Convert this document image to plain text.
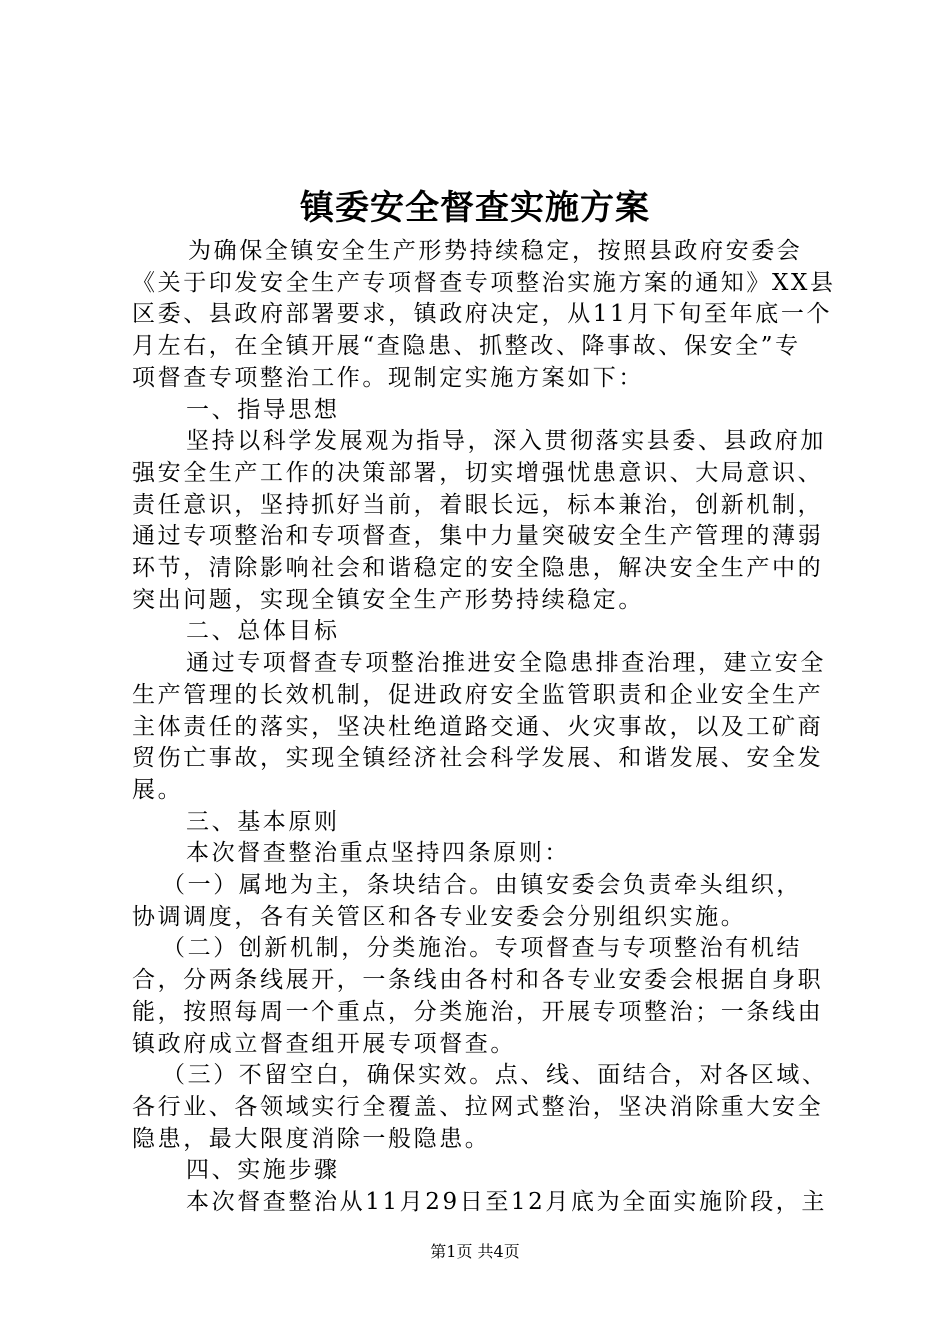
镇委安全督查实施方案

为确保全镇安全生产形势持续稳定，按照县政府安委会

《关于印发安全生产专项督查专项整治实施方案的通知》XX县

区委、县政府部署要求，镇政府决定，从11月下旬至年底一个

月左右，在全镇开展“查隐患、抓整改、降事故、保安全”专

项督查专项整治工作。现制定实施方案如下：

一、指导思想

坚持以科学发展观为指导，深入贯彻落实县委、县政府加

强安全生产工作的决策部署，切实增强忧患意识、大局意识、

责任意识，坚持抓好当前，着眼长远，标本兼治，创新机制，

通过专项整治和专项督查，集中力量突破安全生产管理的薄弱

环节，清除影响社会和谐稳定的安全隐患，解决安全生产中的

突出问题，实现全镇安全生产形势持续稳定。

二、总体目标

通过专项督查专项整治推进安全隐患排查治理，建立安全

生产管理的长效机制，促进政府安全监管职责和企业安全生产

主体责任的落实，坚决杜绝道路交通、火灾事故，以及工矿商

贸伤亡事故，实现全镇经济社会科学发展、和谐发展、安全发

展。

三、基本原则

本次督查整治重点坚持四条原则：

（一）属地为主，条块结合。由镇安委会负责牵头组织，

协调调度，各有关管区和各专业安委会分别组织实施。

（二）创新机制，分类施治。专项督查与专项整治有机结

合，分两条线展开，一条线由各村和各专业安委会根据自身职

能，按照每周一个重点，分类施治，开展专项整治；一条线由

镇政府成立督查组开展专项督查。

（三）不留空白，确保实效。点、线、面结合，对各区域、

各行业、各领域实行全覆盖、拉网式整治，坚决消除重大安全

隐患，最大限度消除一般隐患。

四、实施步骤

本次督查整治从11月29日至12月底为全面实施阶段，主

第1页 共4页
